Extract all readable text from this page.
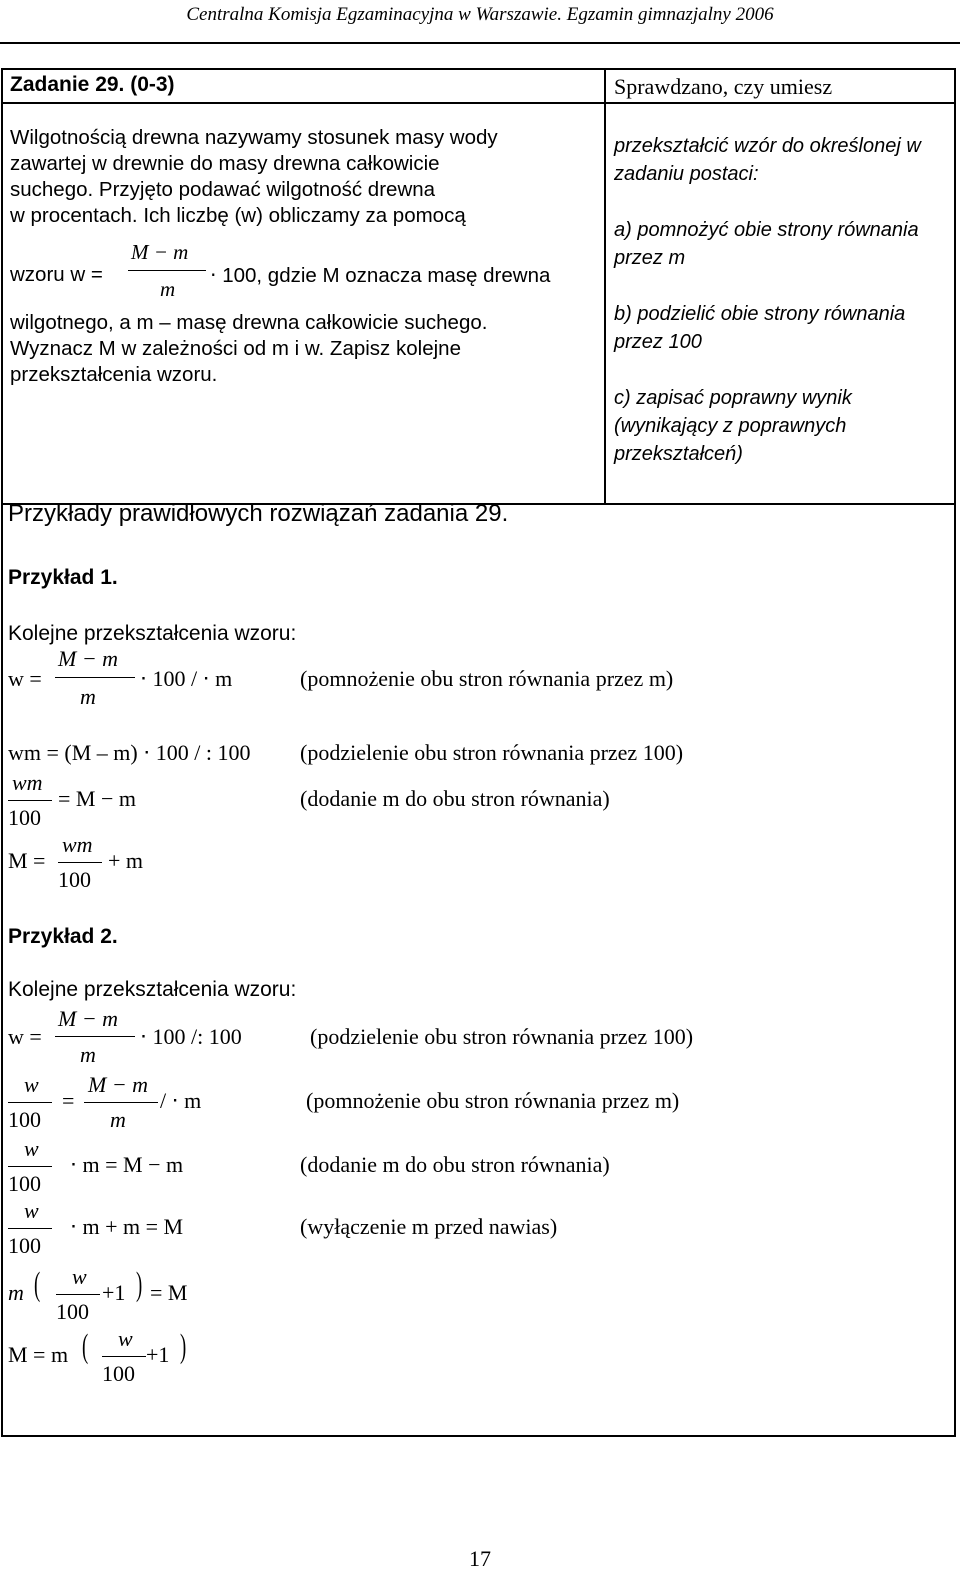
Centralna Komisja Egzaminacyjna w Warszawie. Egzamin gimnazjalny 2006
Zadanie 29. (0-3)	Sprawdzano, czy umiesz

Wilgotnością drewna nazywamy stosunek masy wody

zawartej w drewnie do masy drewna całkowicie

suchego. Przyjęto podawać wilgotność drewna

w procentach. Ich liczbę (w) obliczamy za pomocą

wzoru w =
M − m
m
⋅ 100, gdzie M oznacza masę drewna
wilgotnego, a m – masę drewna całkowicie suchego.
Wyznacz M w zależności od m i w. Zapisz kolejne
przekształcenia wzoru.

przekształcić wzór do określonej w zadaniu postaci:

a) pomnożyć obie strony równania przez m

b) podzielić obie strony równania przez 100

c) zapisać poprawny wynik (wynikający z poprawnych przekształceń)

Przykłady prawidłowych rozwiązań zadania 29.
Przykład 1.
Kolejne przekształcenia wzoru:
w =
M − m
m
⋅ 100 / ⋅ m	(pomnożenie obu stron równania przez m)
wm = (M – m) ⋅ 100 / : 100 (podzielenie obu stron równania przez 100)
wm
100
= M − m	(dodanie m do obu stron równania)
M =
wm
100
+ m
Przykład 2.
Kolejne przekształcenia wzoru:
w =
M − m
m
⋅ 100 /: 100	(podzielenie obu stron równania przez 100)
w
100
=
M − m
m
/ ⋅ m	(pomnożenie obu stron równania przez m)
w
100
⋅ m = M − m	(dodanie m do obu stron równania)
w
100
⋅ m + m = M	(wyłączenie m przed nawias)
m ( w
100
+1 ) = M
M = m ( w
100
+1 )
17
